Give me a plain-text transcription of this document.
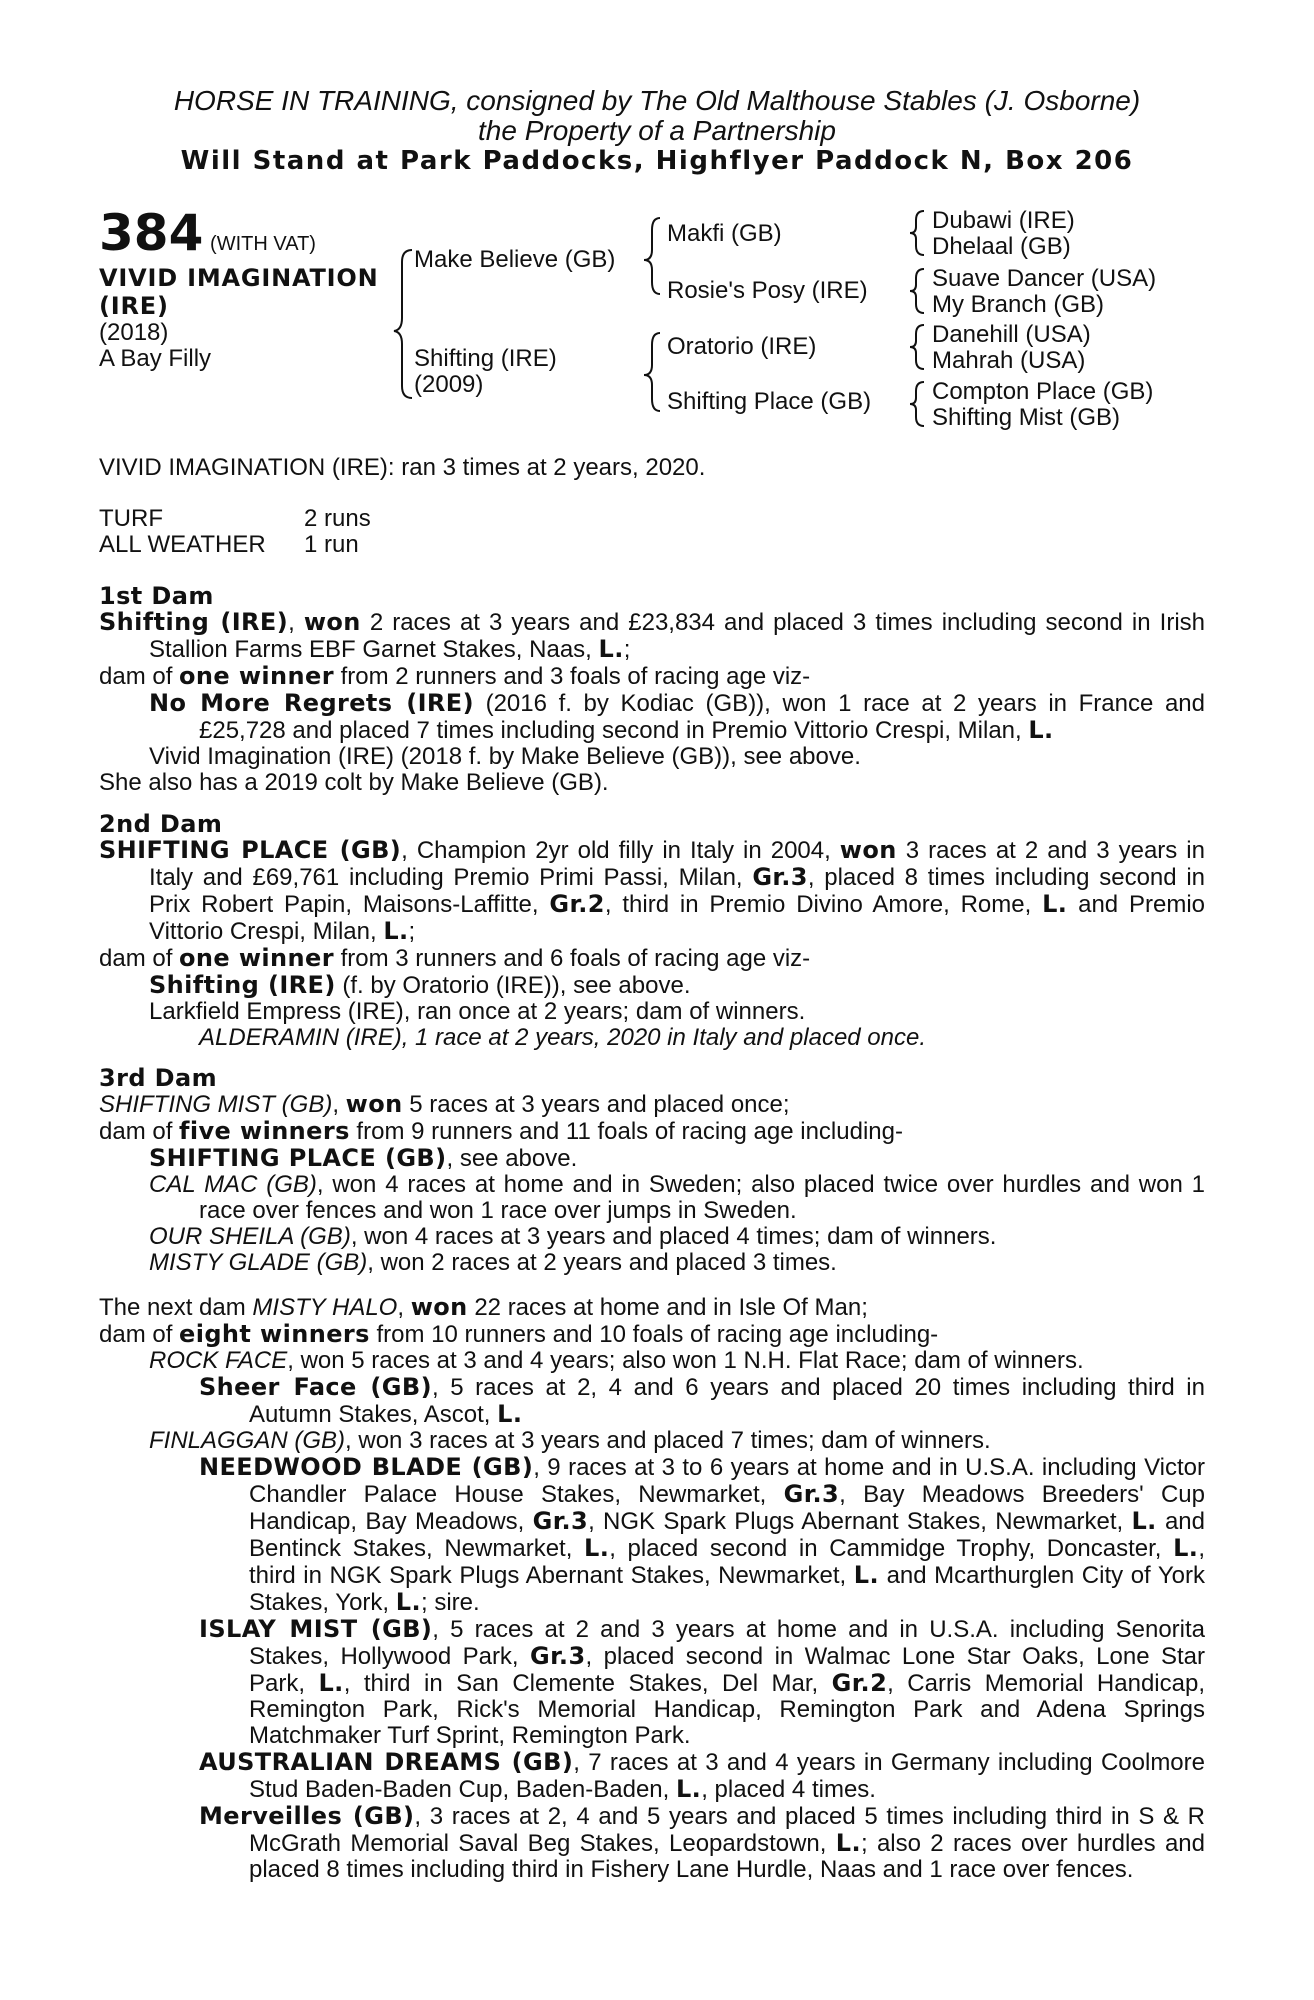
HORSE IN TRAINING, consigned by The Old Malthouse Stables (J. Osborne)
the Property of a Partnership
Will Stand at Park Paddocks, Highflyer Paddock N, Box 206
384 (WITH VAT)
VIVID IMAGINATION
(IRE)
(2018)
A Bay Filly
Make Believe (GB)
Shifting (IRE)
(2009)
Makfi (GB)
Rosie's Posy (IRE)
Oratorio (IRE)
Shifting Place (GB)
Dubawi (IRE)
Dhelaal (GB)
Suave Dancer (USA)
My Branch (GB)
Danehill (USA)
Mahrah (USA)
Compton Place (GB)
Shifting Mist (GB)
VIVID IMAGINATION (IRE): ran 3 times at 2 years, 2020.
TURF	2 runs
ALL WEATHER 1 run
1st Dam
Shifting (IRE), won 2 races at 3 years and £23,834 and placed 3 times including second in Irish Stallion Farms EBF Garnet Stakes, Naas, L.;
dam of one winner from 2 runners and 3 foals of racing age viz-
No More Regrets (IRE) (2016 f. by Kodiac (GB)), won 1 race at 2 years in France and £25,728 and placed 7 times including second in Premio Vittorio Crespi, Milan, L.
Vivid Imagination (IRE) (2018 f. by Make Believe (GB)), see above.
She also has a 2019 colt by Make Believe (GB).
2nd Dam
SHIFTING PLACE (GB), Champion 2yr old filly in Italy in 2004, won 3 races at 2 and 3 years in Italy and £69,761 including Premio Primi Passi, Milan, Gr.3, placed 8 times including second in Prix Robert Papin, Maisons-Laffitte, Gr.2, third in Premio Divino Amore, Rome, L. and Premio Vittorio Crespi, Milan, L.;
dam of one winner from 3 runners and 6 foals of racing age viz-
Shifting (IRE) (f. by Oratorio (IRE)), see above.
Larkfield Empress (IRE), ran once at 2 years; dam of winners.
ALDERAMIN (IRE), 1 race at 2 years, 2020 in Italy and placed once.
3rd Dam
SHIFTING MIST (GB), won 5 races at 3 years and placed once;
dam of five winners from 9 runners and 11 foals of racing age including-
SHIFTING PLACE (GB), see above.
CAL MAC (GB), won 4 races at home and in Sweden; also placed twice over hurdles and won 1 race over fences and won 1 race over jumps in Sweden.
OUR SHEILA (GB), won 4 races at 3 years and placed 4 times; dam of winners.
MISTY GLADE (GB), won 2 races at 2 years and placed 3 times.
The next dam MISTY HALO, won 22 races at home and in Isle Of Man;
dam of eight winners from 10 runners and 10 foals of racing age including-
ROCK FACE, won 5 races at 3 and 4 years; also won 1 N.H. Flat Race; dam of winners.
Sheer Face (GB), 5 races at 2, 4 and 6 years and placed 20 times including third in Autumn Stakes, Ascot, L.
FINLAGGAN (GB), won 3 races at 3 years and placed 7 times; dam of winners.
NEEDWOOD BLADE (GB), 9 races at 3 to 6 years at home and in U.S.A. including Victor Chandler Palace House Stakes, Newmarket, Gr.3, Bay Meadows Breeders' Cup Handicap, Bay Meadows, Gr.3, NGK Spark Plugs Abernant Stakes, Newmarket, L. and Bentinck Stakes, Newmarket, L., placed second in Cammidge Trophy, Doncaster, L., third in NGK Spark Plugs Abernant Stakes, Newmarket, L. and Mcarthurglen City of York Stakes, York, L.; sire.
ISLAY MIST (GB), 5 races at 2 and 3 years at home and in U.S.A. including Senorita Stakes, Hollywood Park, Gr.3, placed second in Walmac Lone Star Oaks, Lone Star Park, L., third in San Clemente Stakes, Del Mar, Gr.2, Carris Memorial Handicap, Remington Park, Rick's Memorial Handicap, Remington Park and Adena Springs Matchmaker Turf Sprint, Remington Park.
AUSTRALIAN DREAMS (GB), 7 races at 3 and 4 years in Germany including Coolmore Stud Baden-Baden Cup, Baden-Baden, L., placed 4 times.
Merveilles (GB), 3 races at 2, 4 and 5 years and placed 5 times including third in S & R McGrath Memorial Saval Beg Stakes, Leopardstown, L.; also 2 races over hurdles and placed 8 times including third in Fishery Lane Hurdle, Naas and 1 race over fences.
